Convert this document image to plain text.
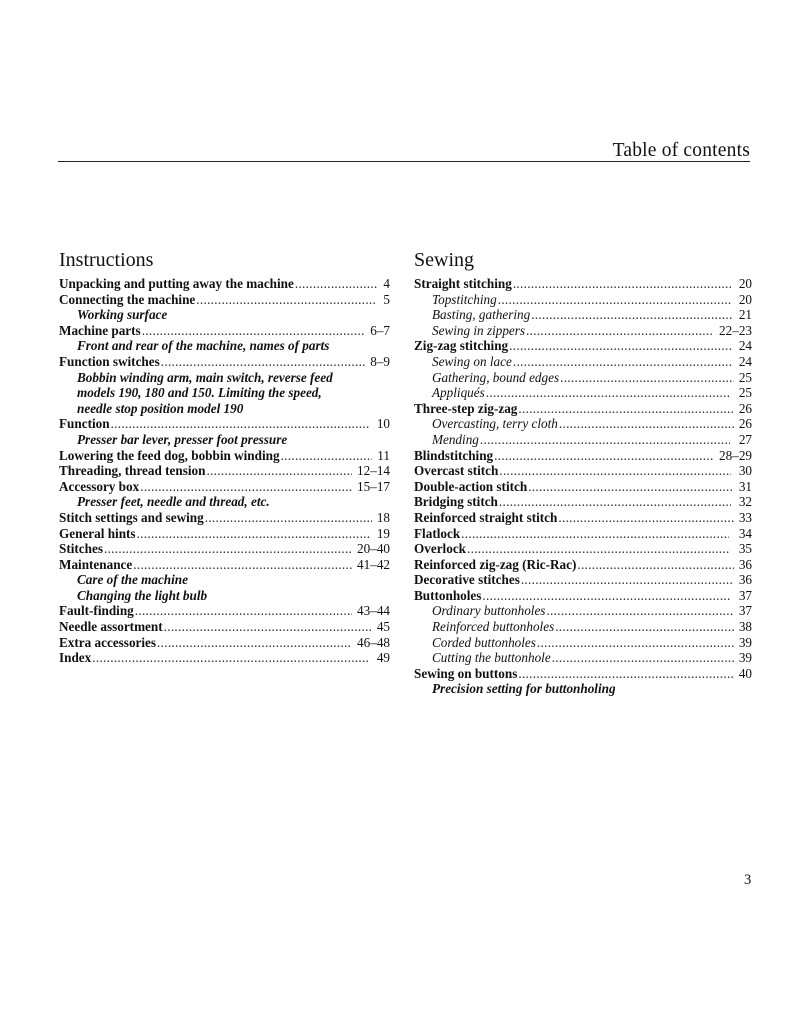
Table of contents
Instructions
Unpacking and putting away the machine .....	4
Connecting the machine .....	5
Working surface
Machine parts .....	6–7
Front and rear of the machine, names of parts
Function switches .....	8–9
Bobbin winding arm, main switch, reverse feed
models 190, 180 and 150. Limiting the speed,
needle stop position model 190
Function .....	10
Presser bar lever, presser foot pressure
Lowering the feed dog, bobbin winding .....	11
Threading, thread tension .....	12–14
Accessory box .....	15–17
Presser feet, needle and thread, etc.
Stitch settings and sewing .....	18
General hints .....	19
Stitches .....	20–40
Maintenance .....	41–42
Care of the machine
Changing the light bulb
Fault-finding .....	43–44
Needle assortment .....	45
Extra accessories .....	46–48
Index .....	49
Sewing
Straight stitching .....	20
Topstitching .....	20
Basting, gathering .....	21
Sewing in zippers .....	22–23
Zig-zag stitching .....	24
Sewing on lace .....	24
Gathering, bound edges .....	25
Appliqués .....	25
Three-step zig-zag .....	26
Overcasting, terry cloth .....	26
Mending .....	27
Blindstitching .....	28–29
Overcast stitch .....	30
Double-action stitch .....	31
Bridging stitch .....	32
Reinforced straight stitch .....	33
Flatlock .....	34
Overlock .....	35
Reinforced zig-zag (Ric-Rac) .....	36
Decorative stitches .....	36
Buttonholes .....	37
Ordinary buttonholes .....	37
Reinforced buttonholes .....	38
Corded buttonholes .....	39
Cutting the buttonhole .....	39
Sewing on buttons .....	40
Precision setting for buttonholing
3
